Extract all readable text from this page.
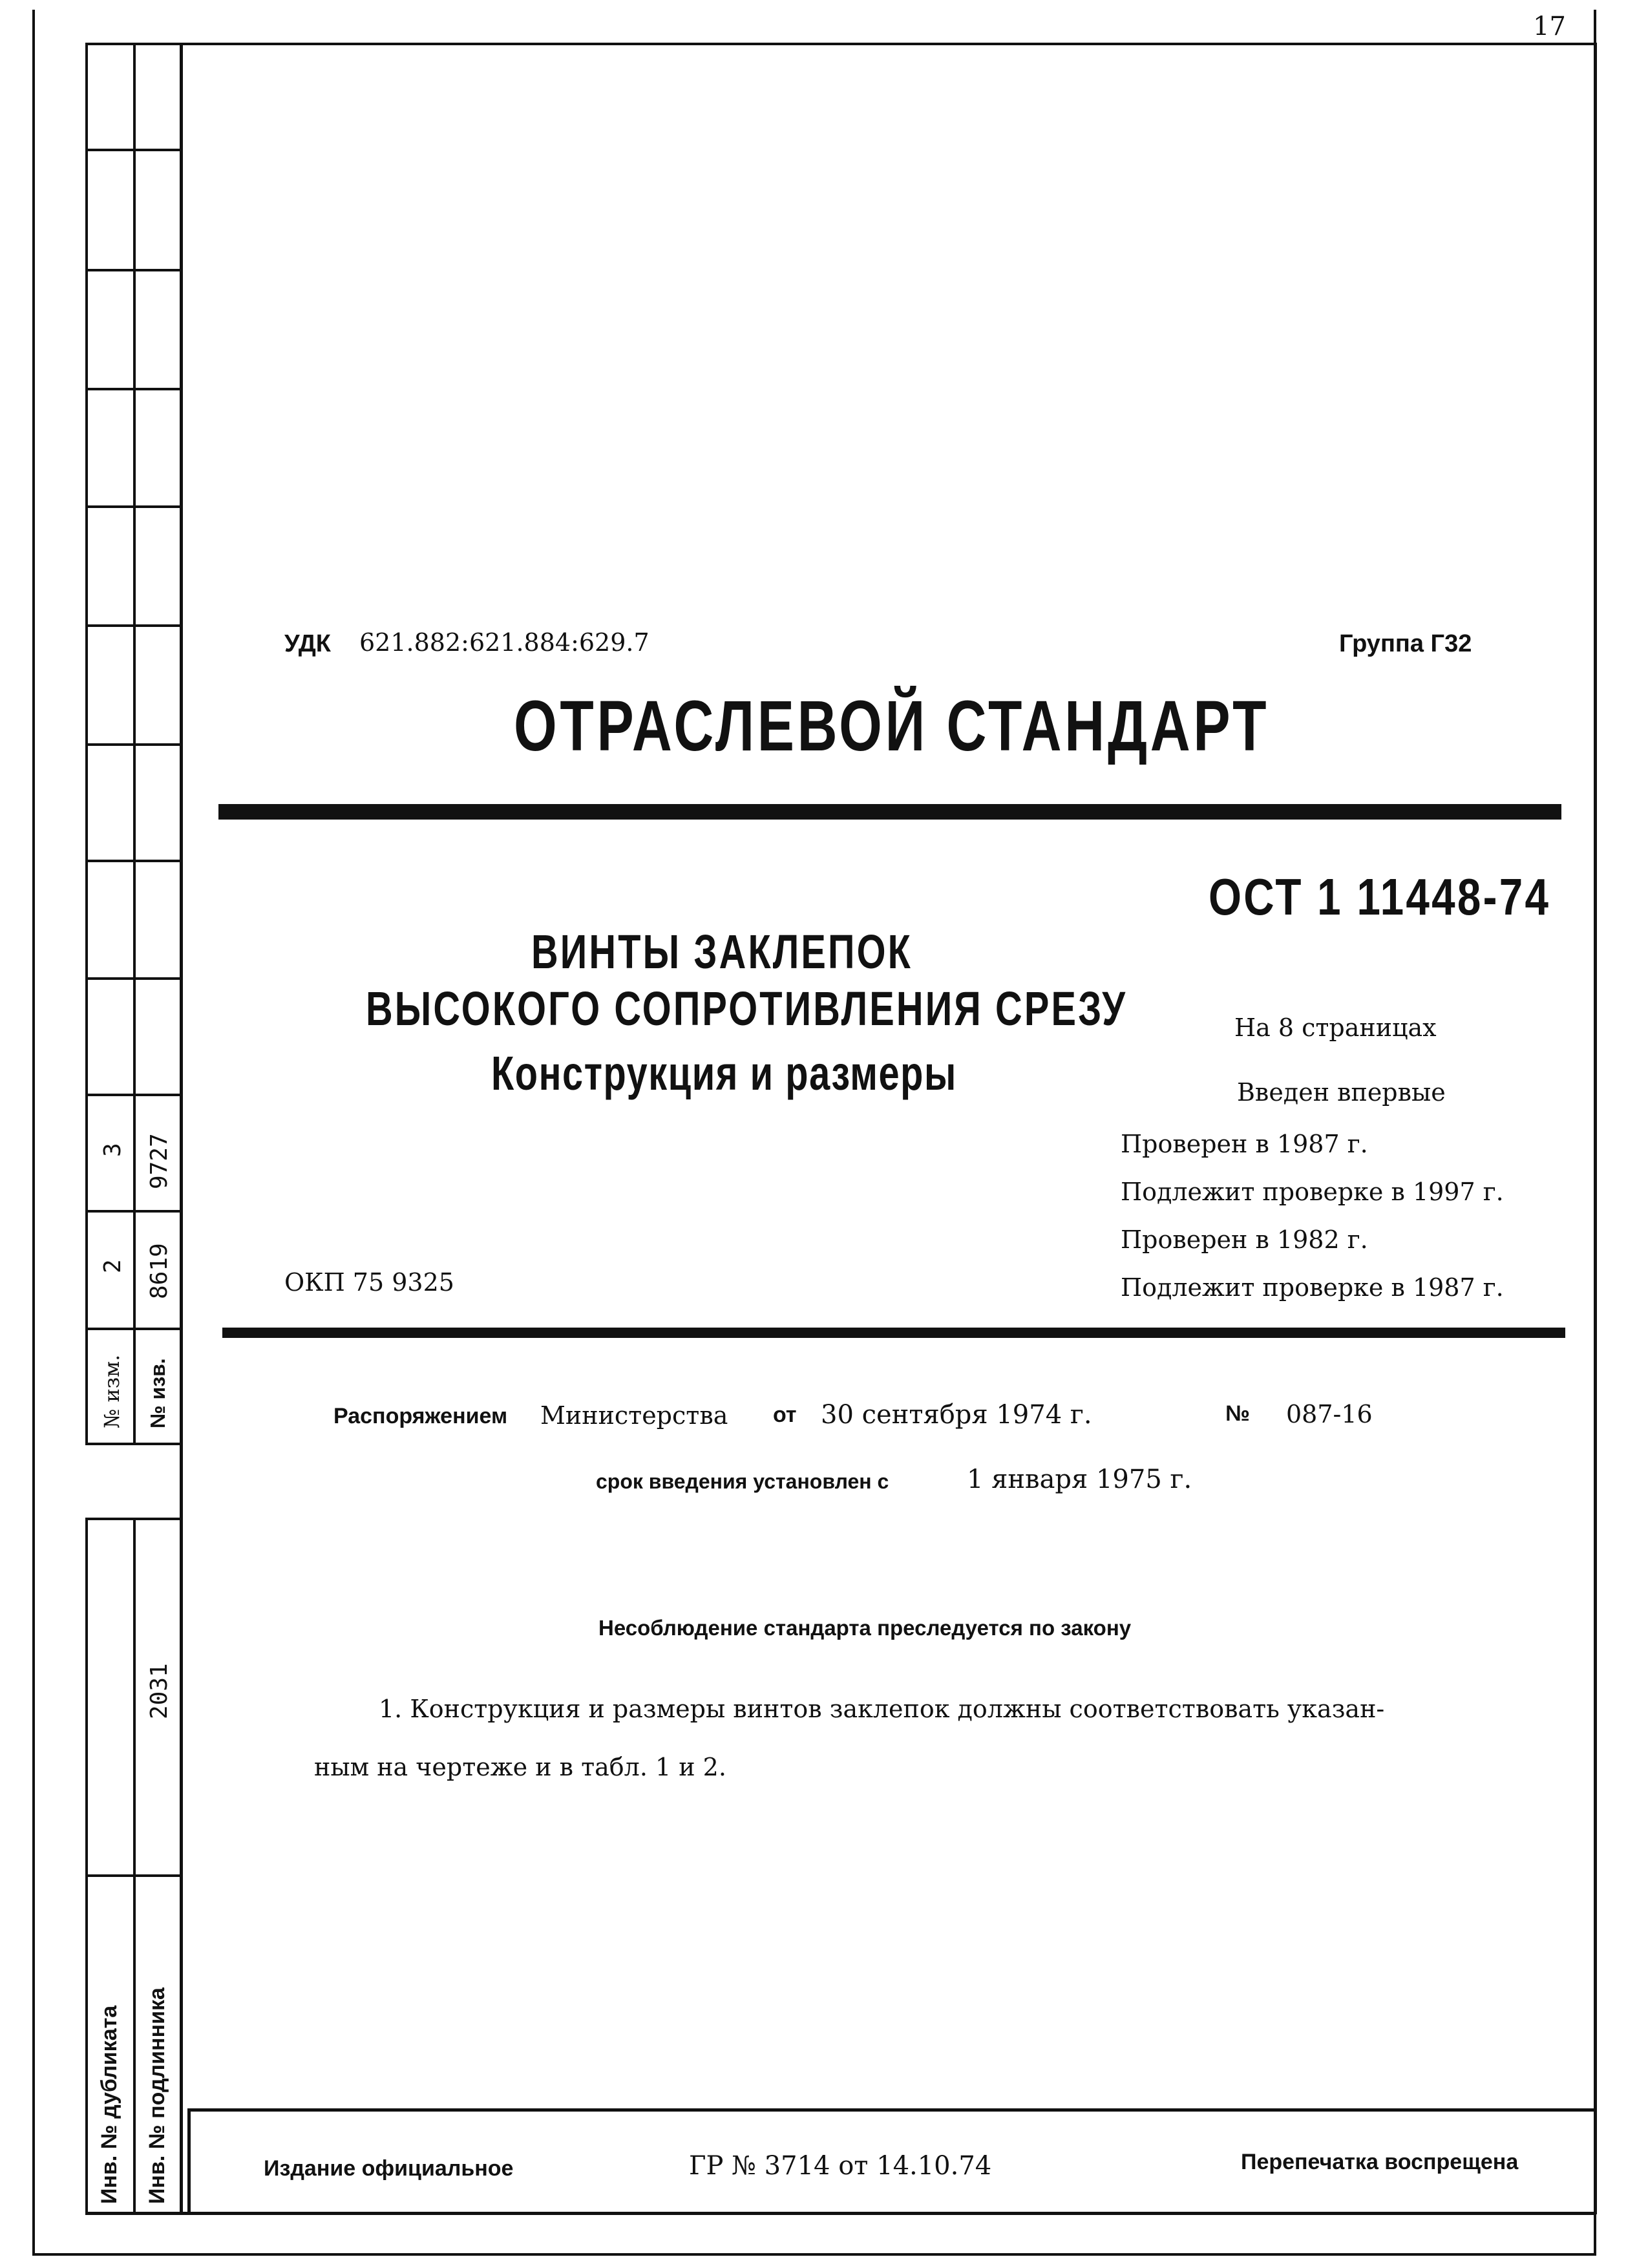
3 9727
2 8619
№ изм. № изв.
2031
Инв. № дубликата Инв. № подлинника
17
УДК 621.882:621.884:629.7	Группа Г32
ОТРАСЛЕВОЙ СТАНДАРТ
ОСТ 1 11448-74
ВИНТЫ ЗАКЛЕПОК
ВЫСОКОГО СОПРОТИВЛЕНИЯ СРЕЗУ
Конструкция и размеры
На 8 страницах
Введен впервые
Проверен в 1987 г.
Подлежит проверке в 1997 г.
Проверен в 1982 г.
Подлежит проверке в 1987 г.
ОКП 75 9325
Распоряжением Министерства от 30 сентября 1974 г.	№ 087-16
срок введения установлен с	1 января 1975 г.
Несоблюдение стандарта преследуется по закону
1. Конструкция и размеры винтов заклепок должны соответствовать указан-
ным на чертеже и в табл. 1 и 2.
Издание официальное	ГР № 3714 от 14.10.74	Перепечатка воспрещена
